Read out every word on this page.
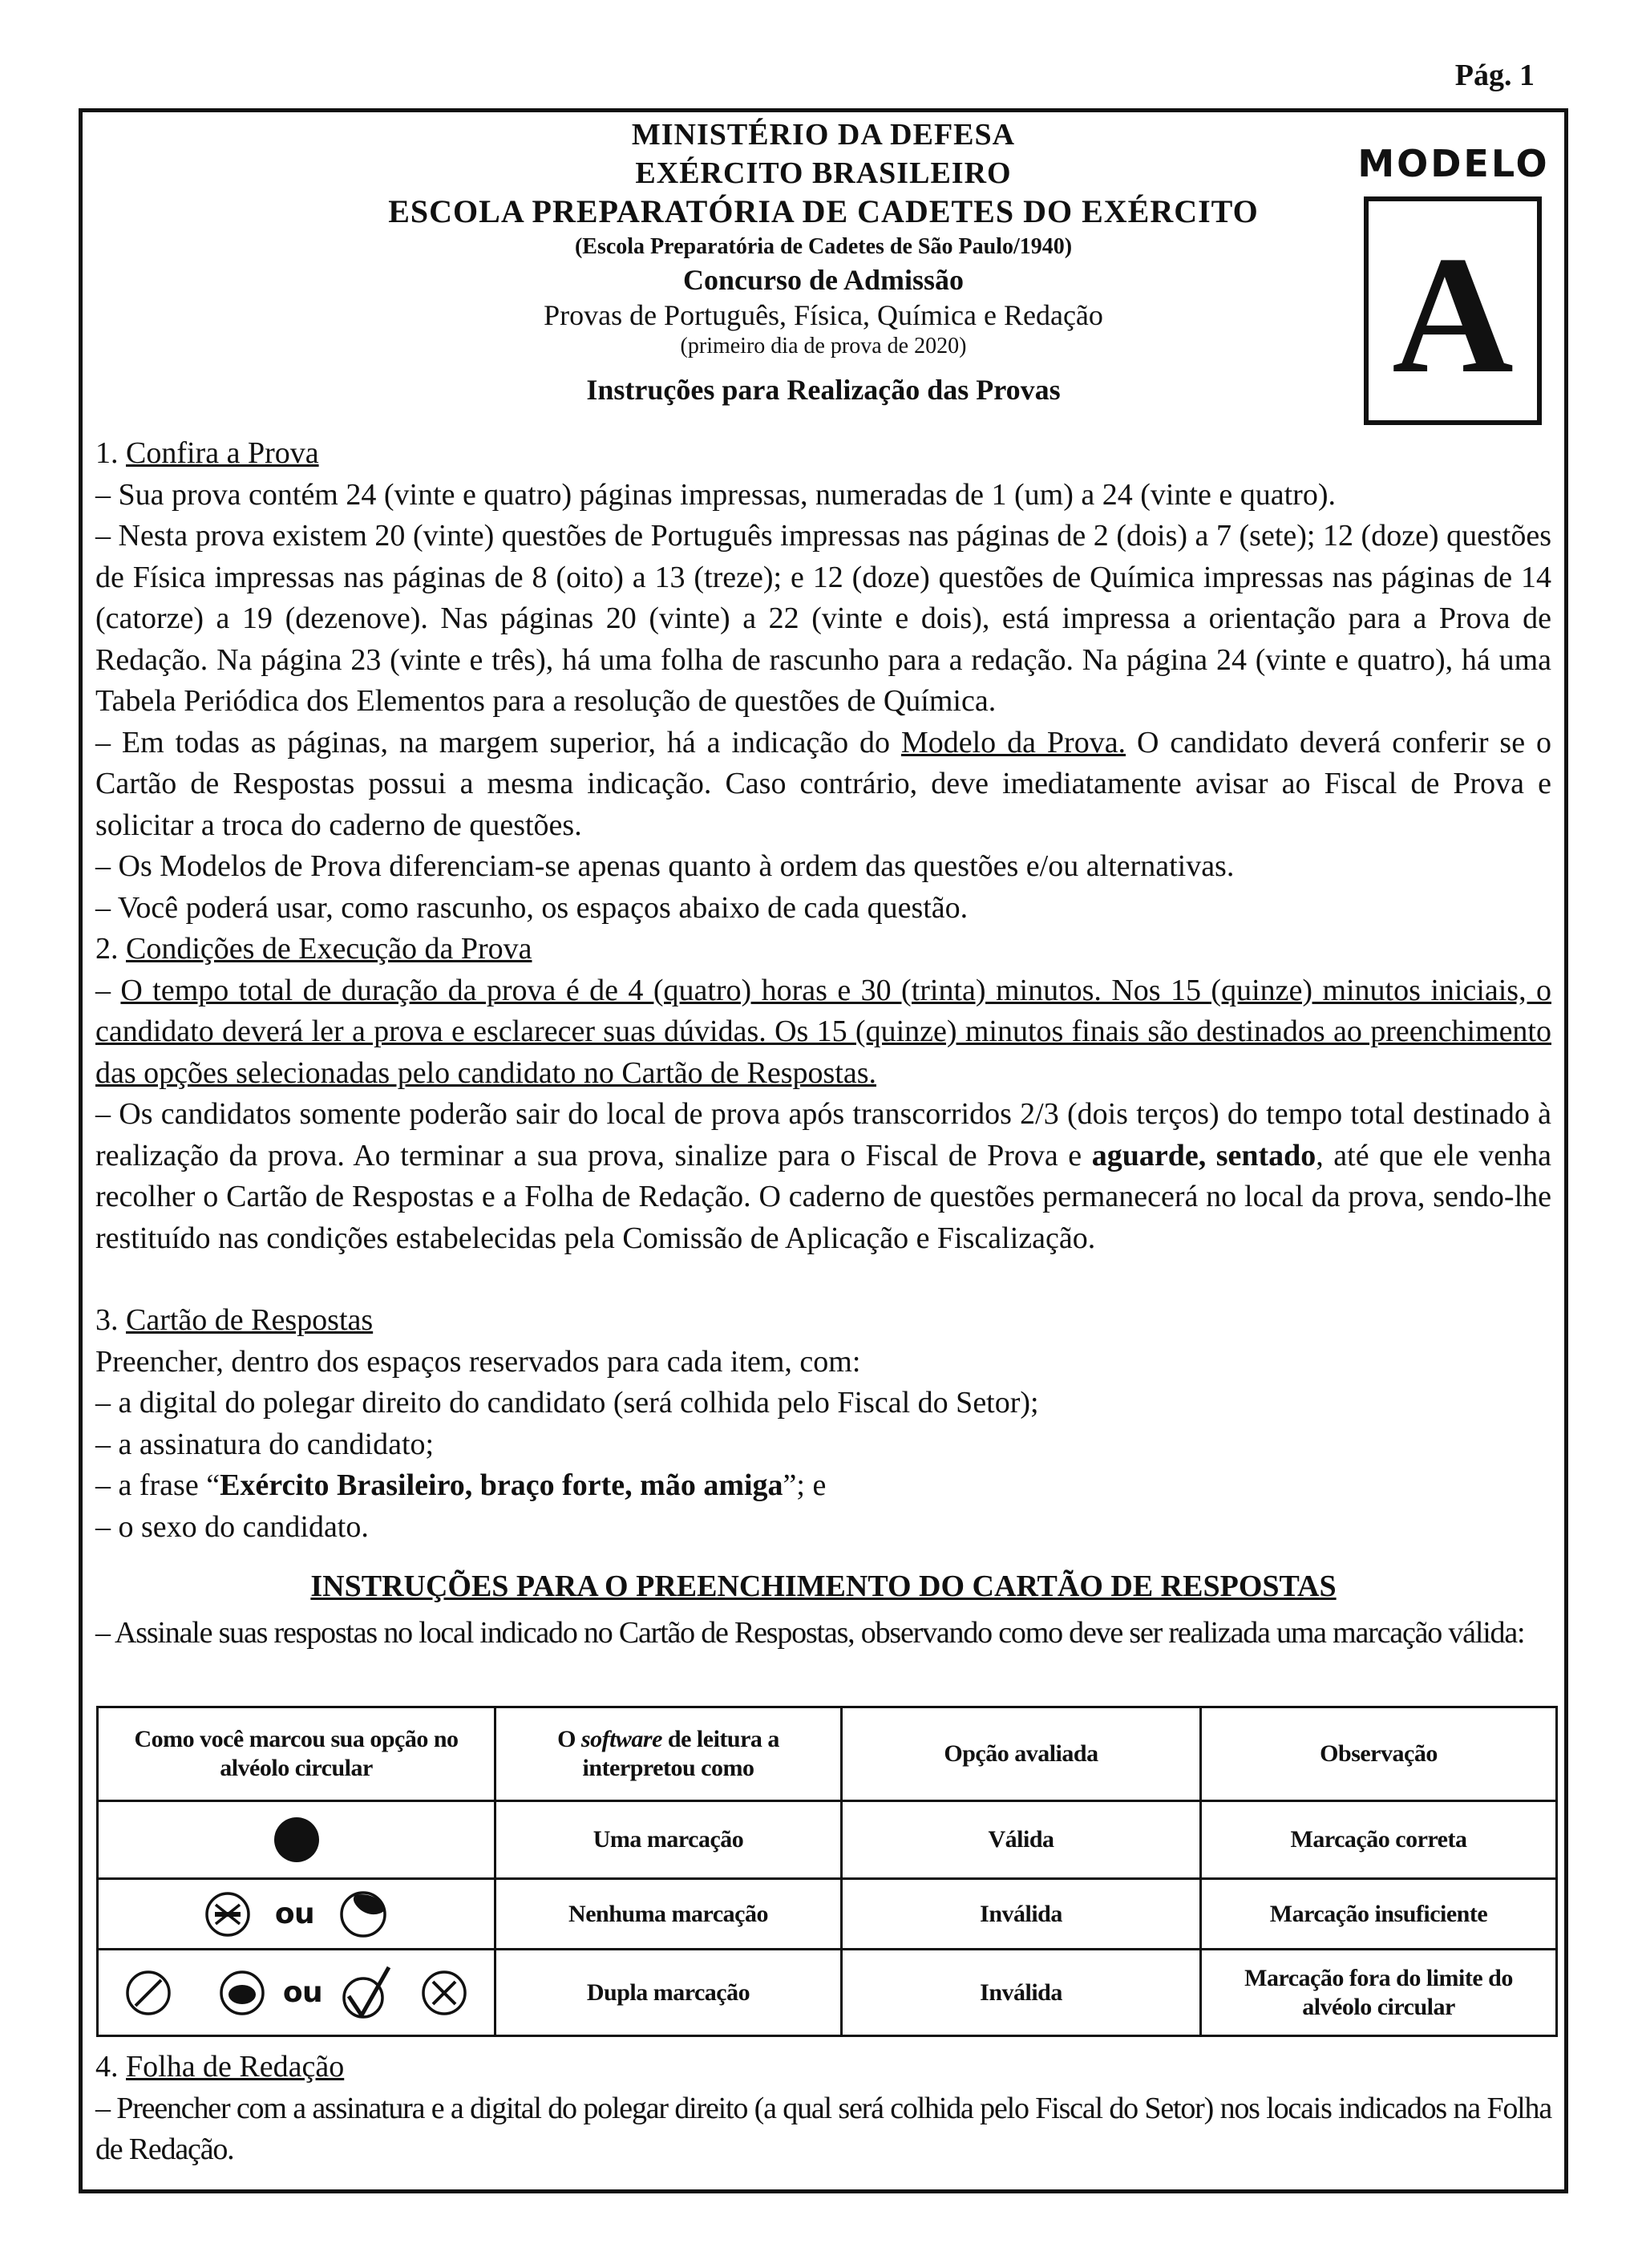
Pág. 1
MINISTÉRIO DA DEFESA
EXÉRCITO BRASILEIRO
ESCOLA PREPARATÓRIA DE CADETES DO EXÉRCITO
(Escola Preparatória de Cadetes de São Paulo/1940)
Concurso de Admissão
Provas de Português, Física, Química e Redação
(primeiro dia de prova de 2020)
Instruções para Realização das Provas
MODELO
A

1. Confira a Prova

– Sua prova contém 24 (vinte e quatro) páginas impressas, numeradas de 1 (um) a 24 (vinte e quatro).

– Nesta prova existem 20 (vinte) questões de Português impressas nas páginas de 2 (dois) a 7 (sete); 12 (doze) questões de Física impressas nas páginas de 8 (oito) a 13 (treze); e 12 (doze) questões de Química impressas nas páginas de 14 (catorze) a 19 (dezenove). Nas páginas 20 (vinte) a 22 (vinte e dois), está impressa a orientação para a Prova de Redação. Na página 23 (vinte e três), há uma folha de rascunho para a redação. Na página 24 (vinte e quatro), há uma Tabela Periódica dos Elementos para a resolução de questões de Química.

– Em todas as páginas, na margem superior, há a indicação do Modelo da Prova. O candidato deverá conferir se o Cartão de Respostas possui a mesma indicação. Caso contrário, deve imediatamente avisar ao Fiscal de Prova e solicitar a troca do caderno de questões.

– Os Modelos de Prova diferenciam-se apenas quanto à ordem das questões e/ou alternativas.

– Você poderá usar, como rascunho, os espaços abaixo de cada questão.

2. Condições de Execução da Prova

– O tempo total de duração da prova é de 4 (quatro) horas e 30 (trinta) minutos. Nos 15 (quinze) minutos iniciais, o candidato deverá ler a prova e esclarecer suas dúvidas. Os 15 (quinze) minutos finais são destinados ao preenchimento das opções selecionadas pelo candidato no Cartão de Respostas.

– Os candidatos somente poderão sair do local de prova após transcorridos 2/3 (dois terços) do tempo total destinado à realização da prova. Ao terminar a sua prova, sinalize para o Fiscal de Prova e aguarde, sentado, até que ele venha recolher o Cartão de Respostas e a Folha de Redação. O caderno de questões permanecerá no local da prova, sendo-lhe restituído nas condições estabelecidas pela Comissão de Aplicação e Fiscalização.

3. Cartão de Respostas

Preencher, dentro dos espaços reservados para cada item, com:

– a digital do polegar direito do candidato (será colhida pelo Fiscal do Setor);

– a assinatura do candidato;

– a frase “Exército Brasileiro, braço forte, mão amiga”; e

– o sexo do candidato.

INSTRUÇÕES PARA O PREENCHIMENTO DO CARTÃO DE RESPOSTAS

– Assinale suas respostas no local indicado no Cartão de Respostas, observando como deve ser realizada uma marcação válida:

Como você marcou sua opção no alvéolo circular	O software de leitura a interpretou como	Opção avaliada	Observação
	Uma marcação	Válida	Marcação correta
ou	Nenhuma marcação	Inválida	Marcação insuficiente
ou	Dupla marcação	Inválida	Marcação fora do limite do alvéolo circular

4. Folha de Redação

– Preencher com a assinatura e a digital do polegar direito (a qual será colhida pelo Fiscal do Setor) nos locais indicados na Folha de Redação.
